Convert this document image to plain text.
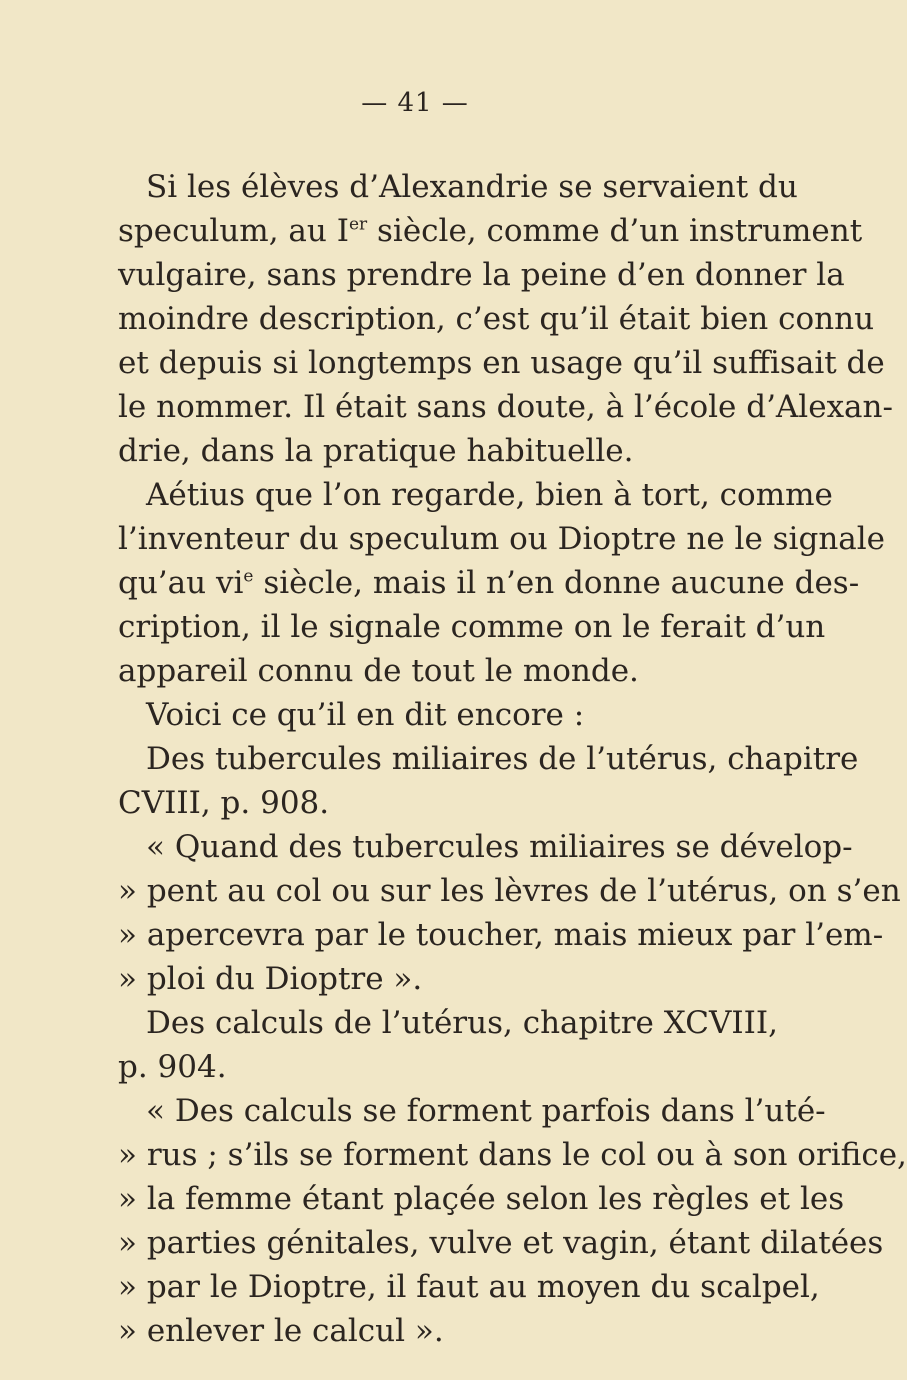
— 41 —
Si les élèves d’Alexandrie se servaient du
speculum, au Ier siècle, comme d’un instrument
vulgaire, sans prendre la peine d’en donner la
moindre description, c’est qu’il était bien connu
et depuis si longtemps en usage qu’il suffisait de
le nommer. Il était sans doute, à l’école d’Alexan-
drie, dans la pratique habituelle.
Aétius que l’on regarde, bien à tort, comme
l’inventeur du speculum ou Dioptre ne le signale
qu’au $vi^e$ siècle, mais il n’en donne aucune des-
cription, il le signale comme on le ferait d’un
appareil connu de tout le monde.
Voici ce qu’il en dit encore :
Des tubercules miliaires de l’utérus, chapitre
CVIII, p. 908.
« Quand des tubercules miliaires se dévelop-
» pent au col ou sur les lèvres de l’utérus, on s’en
» apercevra par le toucher, mais mieux par l’em-
» ploi du Dioptre ».
Des calculs de l’utérus, chapitre XCVIII,
p. 904.
« Des calculs se forment parfois dans l’uté-
» rus ; s’ils se forment dans le col ou à son orifice,
» la femme étant plaçée selon les règles et les
» parties génitales, vulve et vagin, étant dilatées
» par le Dioptre, il faut au moyen du scalpel,
» enlever le calcul ».
